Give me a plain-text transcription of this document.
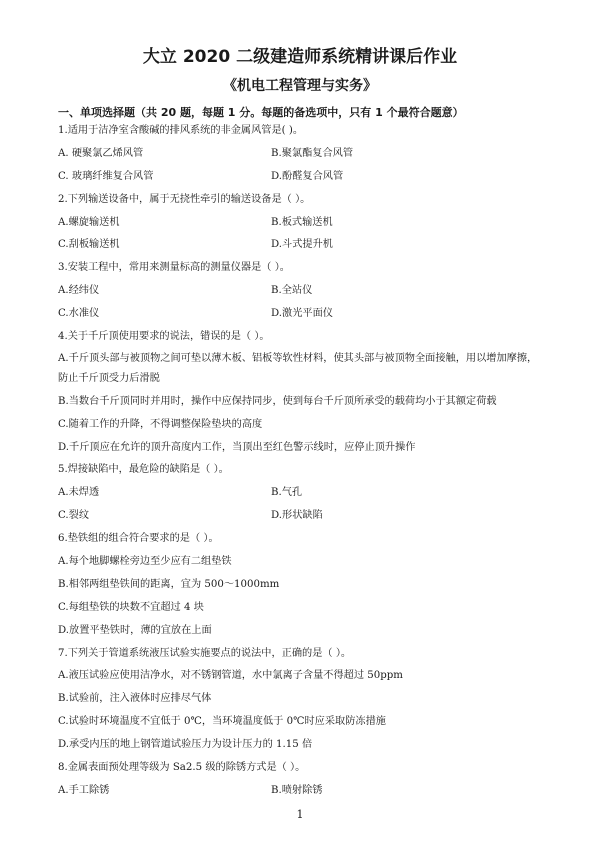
大立 2020 二级建造师系统精讲课后作业
《机电工程管理与实务》
一、单项选择题（共 20 题，每题 1 分。每题的备选项中，只有 1 个最符合题意）
1.适用于洁净室含酸碱的排风系统的非金属风管是( )。
A. 硬聚氯乙烯风管	B.聚氯酯复合风管
C. 玻璃纤维复合风管	D.酚醛复合风管
2.下列输送设备中，属于无挠性牵引的输送设备是（ ）。
A.螺旋输送机	B.板式输送机
C.刮板输送机	D.斗式提升机
3.安装工程中，常用来测量标高的测量仪器是（ ）。
A.经纬仪	B.全站仪
C.水准仪	D.激光平面仪
4.关于千斤顶使用要求的说法，错误的是（ ）。
A.千斤顶头部与被顶物之间可垫以薄木板、铝板等软性材料，使其头部与被顶物全面接触，用以增加摩擦，
防止千斤顶受力后滑脱
B.当数台千斤顶同时并用时，操作中应保持同步，使到每台千斤顶所承受的载荷均小于其额定荷载
C.随着工作的升降，不得调整保险垫块的高度
D.千斤顶应在允许的顶升高度内工作，当顶出至红色警示线时，应停止顶升操作
5.焊接缺陷中，最危险的缺陷是（ ）。
A.未焊透	B.气孔
C.裂纹	D.形状缺陷
6.垫铁组的组合符合要求的是（ ）。
A.每个地脚螺栓旁边至少应有二组垫铁
B.相邻两组垫铁间的距离，宜为 500～1000mm
C.每组垫铁的块数不宜超过 4 块
D.放置平垫铁时，薄的宜放在上面
7.下列关于管道系统液压试验实施要点的说法中，正确的是（ ）。
A.液压试验应使用洁净水，对不锈钢管道，水中氯离子含量不得超过 50ppm
B.试验前，注入液体时应排尽气体
C.试验时环境温度不宜低于 0℃，当环境温度低于 0℃时应采取防冻措施
D.承受内压的地上钢管道试验压力为设计压力的 1.15 倍
8.金属表面预处理等级为 Sa2.5 级的除锈方式是（ ）。
A.手工除锈	B.喷射除锈
1
